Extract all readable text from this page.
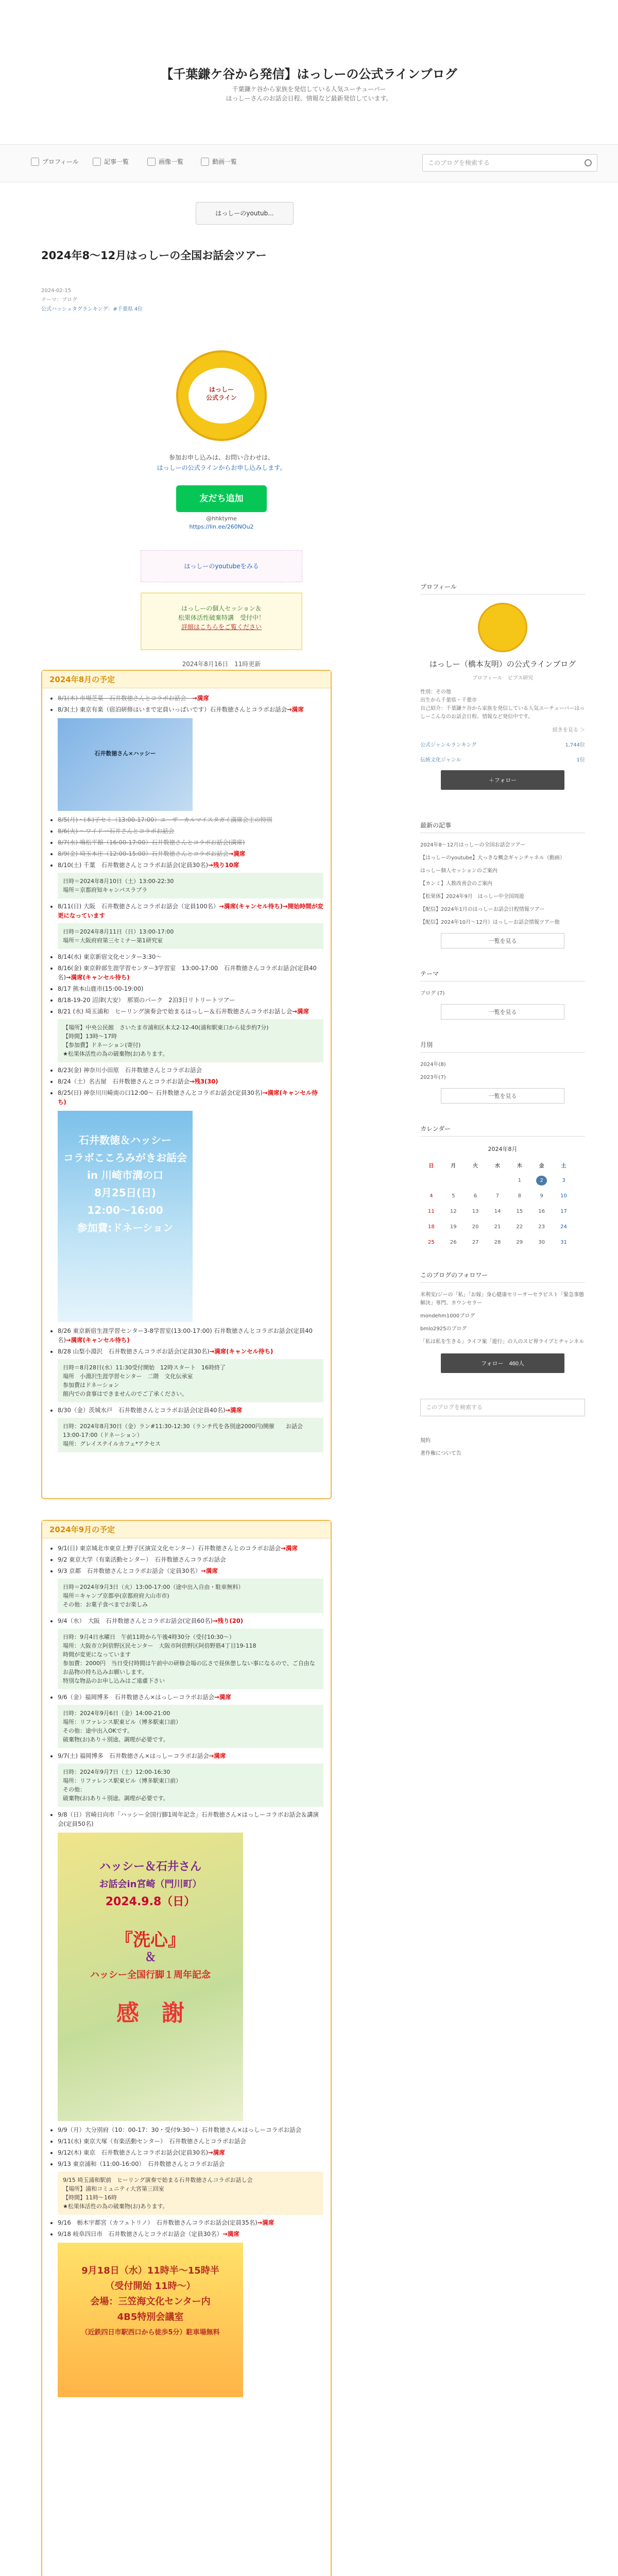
【千葉鎌ケ谷から発信】はっしーの公式ラインブログ
千葉鎌ケ谷から家族を発信している人気ユーチューバー
はっしーさんのお話会日程、情報など最新発信しています。
プロフィール	記事一覧	画像一覧	動画一覧	このブログを検索する
はっしーのyoutub...
2024年8〜12月はっしーの全国お話会ツアー
2024-02-15
テーマ：ブログ
公式ハッシュタグランキング：#千葉県 4位
はっしー
公式ライン
参加お申し込みは、お問い合わせは、
はっしーの公式ラインからお申し込みします。
友だち追加
@hhktyme
https://lin.ee/260NOu2
はっしーのyoutubeをみる
はっしーの個人セッション＆
松果体活性破棄特講　受付中！
詳細はこちらをご覧ください
2024年8月16日　11時更新
2024年8月の予定
• 8/1(木) 市場芝菜　石井数徳さんとコラボお話会　→満席
• 8/3(土) 東京有楽（宿泊研修はいまで定員いっぱいです）石井数徳さんとコラボお話会→満席
石井数徳さん×ハッシー
• 8/5(月)・(本)子セミ（13:00-17:00）ユーザーカルマイスタガイ満席会主の特別
• 8/6(火) 〜ワイド一石井さんとコラボお話会
• 8/7(水) 鳴松平館（16:00-17:00）石井数徳さんとコラボお話会(満席)
• 8/9(金) 埼玉本庄（12:00-15:00）石井数徳さんとコラボお話会→満席
• 8/10(土) 千葉　石井数徳さんとコラボお話会(定員30名)→残り10席
日時＝2024年8月10日（土）13:00-22:30
場所＝京都府知キャンパスラプラ
• 8/11(日) 大阪　石井数徳さんとコラボお話会（定員100名）→満席(キャンセル待ち)→開始時間が変更になっています
日時＝2024年8月11日（日）13:00-17:00
場所＝大阪府府第三セミナー第1研究室
• 8/14(水) 東京新宿文化センター3:30〜
• 8/16(金) 東京幹部生涯学習センター3学習室　13:00-17:00　石井数徳さんコラボお話会(定員40名)→満席(キャンセル待ち)
• 8/17 熊本山鹿市(15:00-19:00)
• 8/18-19-20 沼津(大安）　那須のパーク　2泊3日リトリートツアー
• 8/21 (水) 埼玉浦和　ヒーリング演奏会で始まるはっしー＆石井数徳さんコラボお話し会→満席
【場所】中央公民館　さいたま市浦和区本太2-12-40(浦和駅東口から徒歩約7分)
【時間】13時〜17時
【参加費】ドネーション(寄付)
★松果体活性の為の破棄物(お)あります。
• 8/23(金) 神奈川小田原　石井数徳さんとコラボお話会
• 8/24（土）名古屋　石井数徳さんとコラボお話会→残3(30)
• 8/25(日) 神奈川川崎南の口12:00〜 石井数徳さんとコラボお話会(定員30名)→満席(キャンセル待ち)
石井数徳＆ハッシー
コラボこころみがきお話会
in 川崎市溝の口
8月25日(日)
12:00〜16:00
参加費:ドネーション
• 8/26 東京新宿生涯学習センター3-8学習室(13:00-17:00) 石井数徳さんとコラボお話会(定員40名)→満席(キャンセル待ち)
• 8/28 山梨小淵沢　石井数徳さんコラボお話会(定員30名)→満席(キャンセル待ち)
日時＝8月28日(水）11:30受付開始　12時スタート　16時終了
場所　小淵沢生涯学習センター　二階　文化伝承室
参加費はドネーション
館内での食事はできませんのでご了承ください。
• 8/30（金）茨城水戸　石井数徳さんとコラボお話会(定員40名)→満席
日時：2024年8月30日（金）ラン#11:30-12:30（ランチ代を各別途2000円)開催　　お話会13:00-17:00（ドネーション）
場所：グレイステイルカフェ*アクセス
2024年9月の予定
• 9/1(日) 東京城北市東京上野子区演宣文化センター）石井数徳さんとのコラボお話会→満席
• 9/2 東京大学（有楽活動センター）　石井数徳さんコラボお話会
• 9/3 京都　石井数徳さんとコラボお話会（定員30名）→満席
日時＝2024年9月3日（火）13:00-17:00（途中出入自由・駐車無料）
場所＝キャンプ京都亭(京都府府大山市市)
その他：お菓子食べまでお楽しみ
• 9/4（水）　大阪　石井数徳さんとコラボお話会(定員60名)→残り(20)
日時：9月4日水曜日　午前11時から午後4時30分（受付10:30〜）
場所：大阪市立阿倍野区民センター　大阪市阿倍野区阿倍野筋4丁目19-118
時間が変更になっています
参加費：2000円　当日受付時間は午前中の研修会場の広さで昼休憩しない事になるので、ご自由なお品物の持ち込みお願いします。
特別な物品のお申し込みはご遠慮下さい
• 9/6（金）福岡博多　石井数徳さん×はっしーコラボお話会→満席
日時：2024年9月6日（金）14:00-21:00
場所：リファレンス駅東ビル（博多駅東口前）
その他：途中出入OKです。
破棄物(お)あり＋別途。調理が必要です。
• 9/7(土) 福岡博多　石井数徳さん×はっしーコラボお話会→満席
日時：2024年9月7日（土）12:00-16:30
場所：リファレンス駅東ビル（博多駅東口前）
その他：
破棄物(お)あり＋別途。調理が必要です。
• 9/8（日）宮崎日向市「ハッシー全国行脚1周年記念」石井数徳さん×はっしーコラボお話会＆講演会(定員50名)
ハッシー＆石井さん
お話会in宮崎（門川町）
2024.9.8（日）
『洗心』
＆
ハッシー全国行脚１周年記念
感　謝
• 9/9（月）大分別府（10：00-17：30・受付9:30〜）石井数徳さん×はっしーコラボお話会
• 9/11(水) 東京大塚（有楽活動センター）　石井数徳さんとコラボお話会
• 9/12(木) 東京　石井数徳さんとコラボお話会(定員30名)→満席
• 9/13 東京浦和（11:00-16:00）　石井数徳さんとコラボお話会
9/15 埼玉浦和駅前　ヒーリング演奏で始まる石井数徳さんコラボお話し会
【場所】浦和コミュニティ大宮第三回室
【時間】11時〜16時
★松果体活性の為の破棄物(お)あります。
• 9/16　栃木宇都宮（カフェトリノ）　石井数徳さんコラボお話会(定員35名)→満席
• 9/18 岐阜四日市　石井数徳さんとコラボお話会（定員30名）→満席
9月18日（水）11時半〜15時半
（受付開始 11時〜）
会場：三笠海文化センター内
4B5特別会議室
（近鉄四日市駅西口から徒歩5分）駐車場無料
プロフィール
はっしー（橋本友明）の公式ラインブログ
プロフィール　ビブス研究
性別：その他
出生から千葉県・千葉市
自己紹介：千葉鎌ケ谷から家族を発信している人気ユーチューバーはっしーこんなのお話会日程、情報など発信中です。
続きを見る ＞
公式ジャンルランキング	1,744位
伝統文化ジャンル	1位
＋フォロー
最新の記事
2024年8〜12月はっしーの全国お話会ツアー
【はっしーのyoutube】大っきな概念ギャンチャネル（動画）
はっしー個人セッションのご案内
【カンミ】人数改善会のご案内
【松果体】2024年9月　はっしー中全国周遊
【配信】2024年1月のはっしーお話会日程情報ツアー
【配信】2024年10月〜12月）はっしーお話会情報ツアー他
一覧を見る
テーマ
ブログ (7)
一覧を見る
月別
2024年(8)
2023年(7)
一覧を見る
カレンダー
2024年8月
日	月	火	水	木	金	土
				1	2	3
4	5	6	7	8	9	10
11	12	13	14	15	16	17
18	19	20	21	22	23	24
25	26	27	28	29	30	31
このブログのフォロワー
米利安/ジーの「私」「お嫁」身心健康セリーサーセラピスト「緊急事態解決」専門、カウンセラー
mondehm1000ブログ
bmlo2925のブログ
「私は私を生きる」ライフ案「遊行」の人のスピ界ライブとチャンネル
フォロー　460人
このブログを検索する
規約
著作権について告
